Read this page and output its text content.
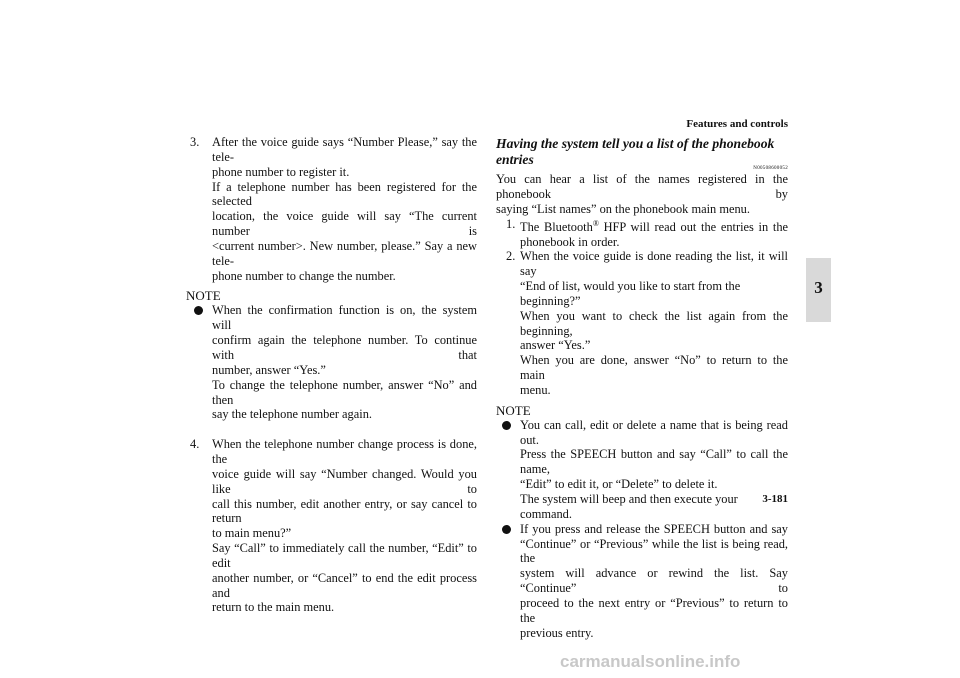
Features and controls
3
3. After the voice guide says “Number Please,” say the tele-

phone number to register it.

If a telephone number has been registered for the selected

location, the voice guide will say “The current number is

<current number>. New number, please.” Say a new tele-

phone number to change the number.

NOTE

When the confirmation function is on, the system will

confirm again the telephone number. To continue with that

number, answer “Yes.”

To change the telephone number, answer “No” and then

say the telephone number again.

4. When the telephone number change process is done, the

voice guide will say “Number changed. Would you like to

call this number, edit another entry, or say cancel to return

to main menu?”

Say “Call” to immediately call the number, “Edit” to edit

another number, or “Cancel” to end the edit process and

return to the main menu.

Having the system tell you a list of the phonebook

entries

N00508600052

You can hear a list of the names registered in the phonebook by

saying “List names” on the phonebook main menu.

1. The Bluetooth® HFP will read out the entries in the

phonebook in order.

2. When the voice guide is done reading the list, it will say

“End of list, would you like to start from the beginning?”

When you want to check the list again from the beginning,

answer “Yes.”

When you are done, answer “No” to return to the main

menu.

NOTE

You can call, edit or delete a name that is being read out.

Press the SPEECH button and say “Call” to call the name,

“Edit” to edit it, or “Delete” to delete it.

The system will beep and then execute your command.

If you press and release the SPEECH button and say

“Continue” or “Previous” while the list is being read, the

system will advance or rewind the list. Say “Continue” to

proceed to the next entry or “Previous” to return to the

previous entry.

3-181
carmanualsonline.info
